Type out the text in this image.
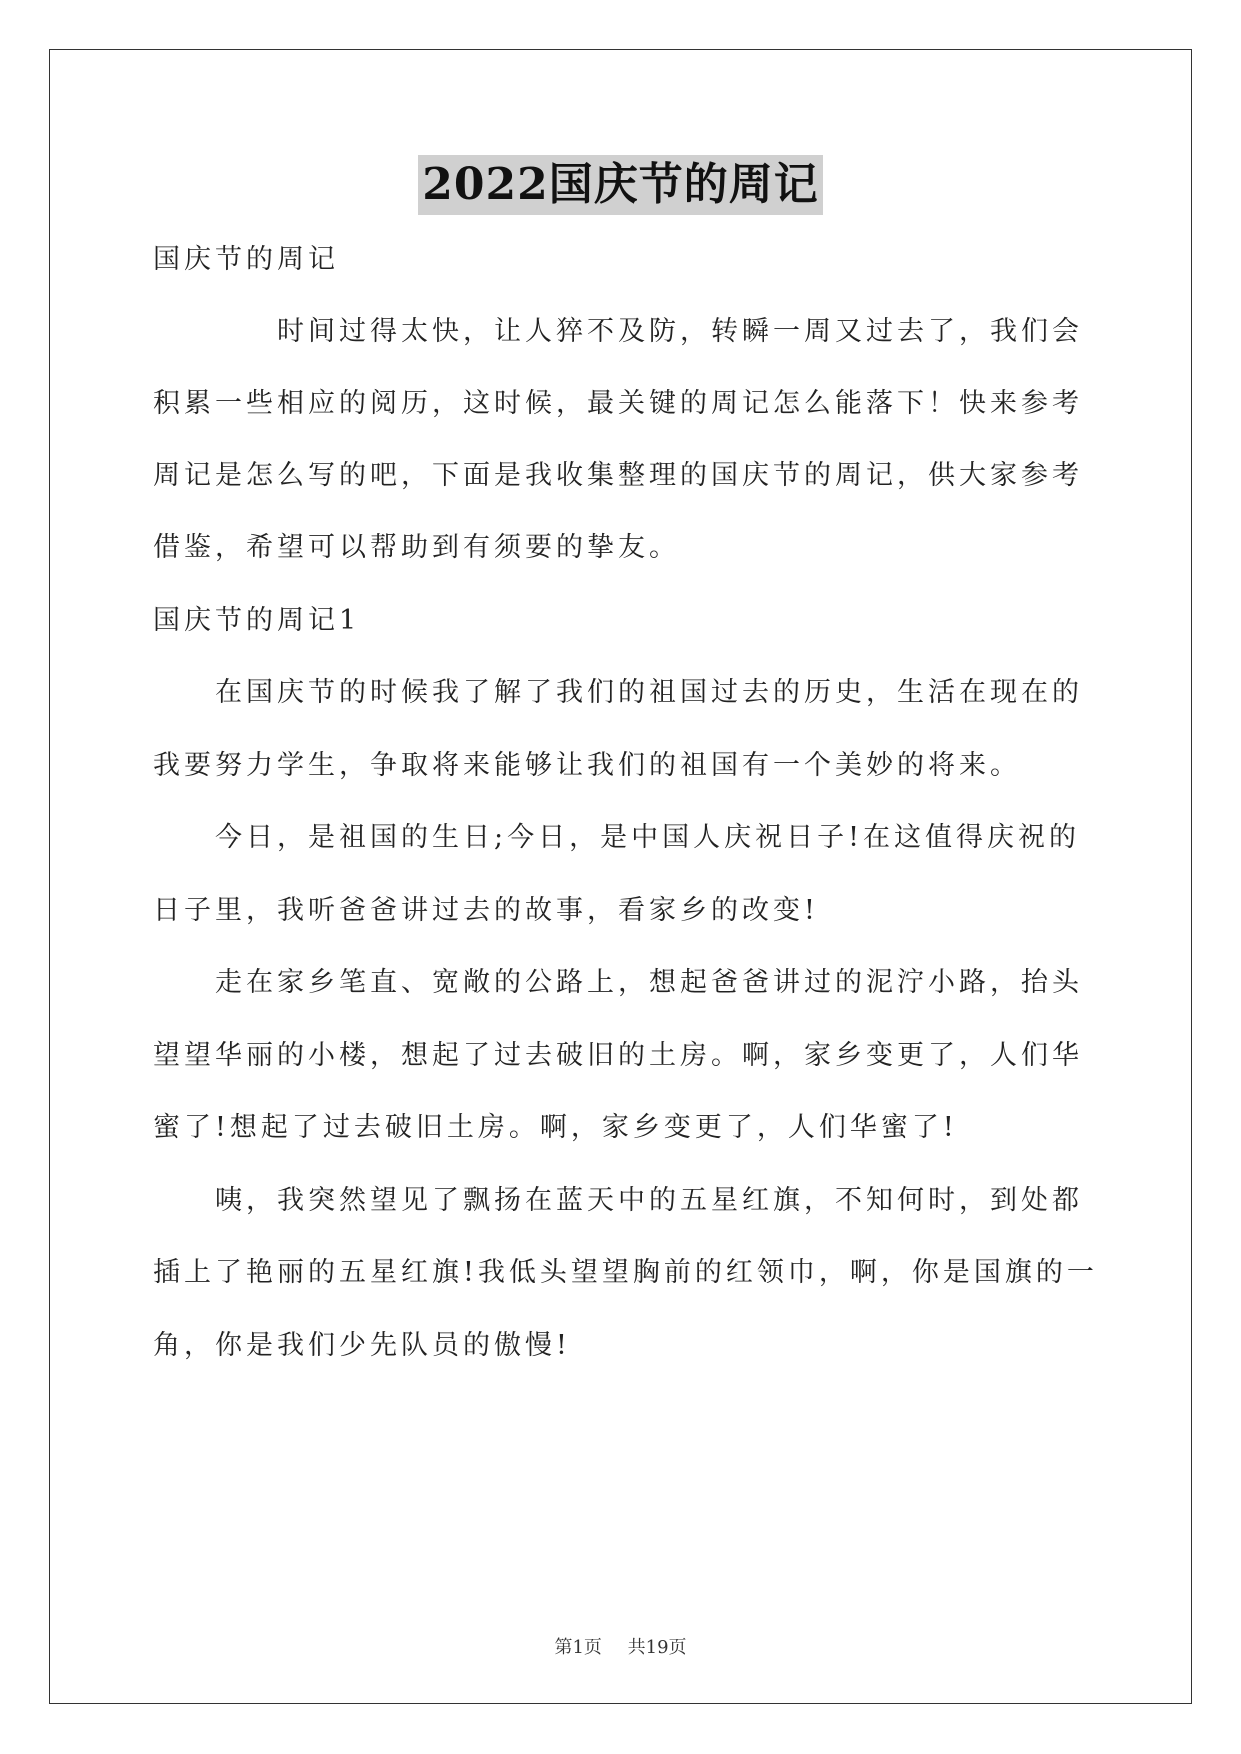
2022国庆节的周记
国庆节的周记
　　　　时间过得太快，让人猝不及防，转瞬一周又过去了，我们会
积累一些相应的阅历，这时候，最关键的周记怎么能落下！快来参考
周记是怎么写的吧，下面是我收集整理的国庆节的周记，供大家参考
借鉴，希望可以帮助到有须要的挚友。
国庆节的周记1
　　在国庆节的时候我了解了我们的祖国过去的历史，生活在现在的
我要努力学生，争取将来能够让我们的祖国有一个美妙的将来。
　　今日，是祖国的生日;今日，是中国人庆祝日子!在这值得庆祝的
日子里，我听爸爸讲过去的故事，看家乡的改变!
　　走在家乡笔直、宽敞的公路上，想起爸爸讲过的泥泞小路，抬头
望望华丽的小楼，想起了过去破旧的土房。啊，家乡变更了，人们华
蜜了!想起了过去破旧土房。啊，家乡变更了，人们华蜜了!
　　咦，我突然望见了飘扬在蓝天中的五星红旗，不知何时，到处都
插上了艳丽的五星红旗!我低头望望胸前的红领巾，啊，你是国旗的一
角，你是我们少先队员的傲慢!
第1页 共19页
